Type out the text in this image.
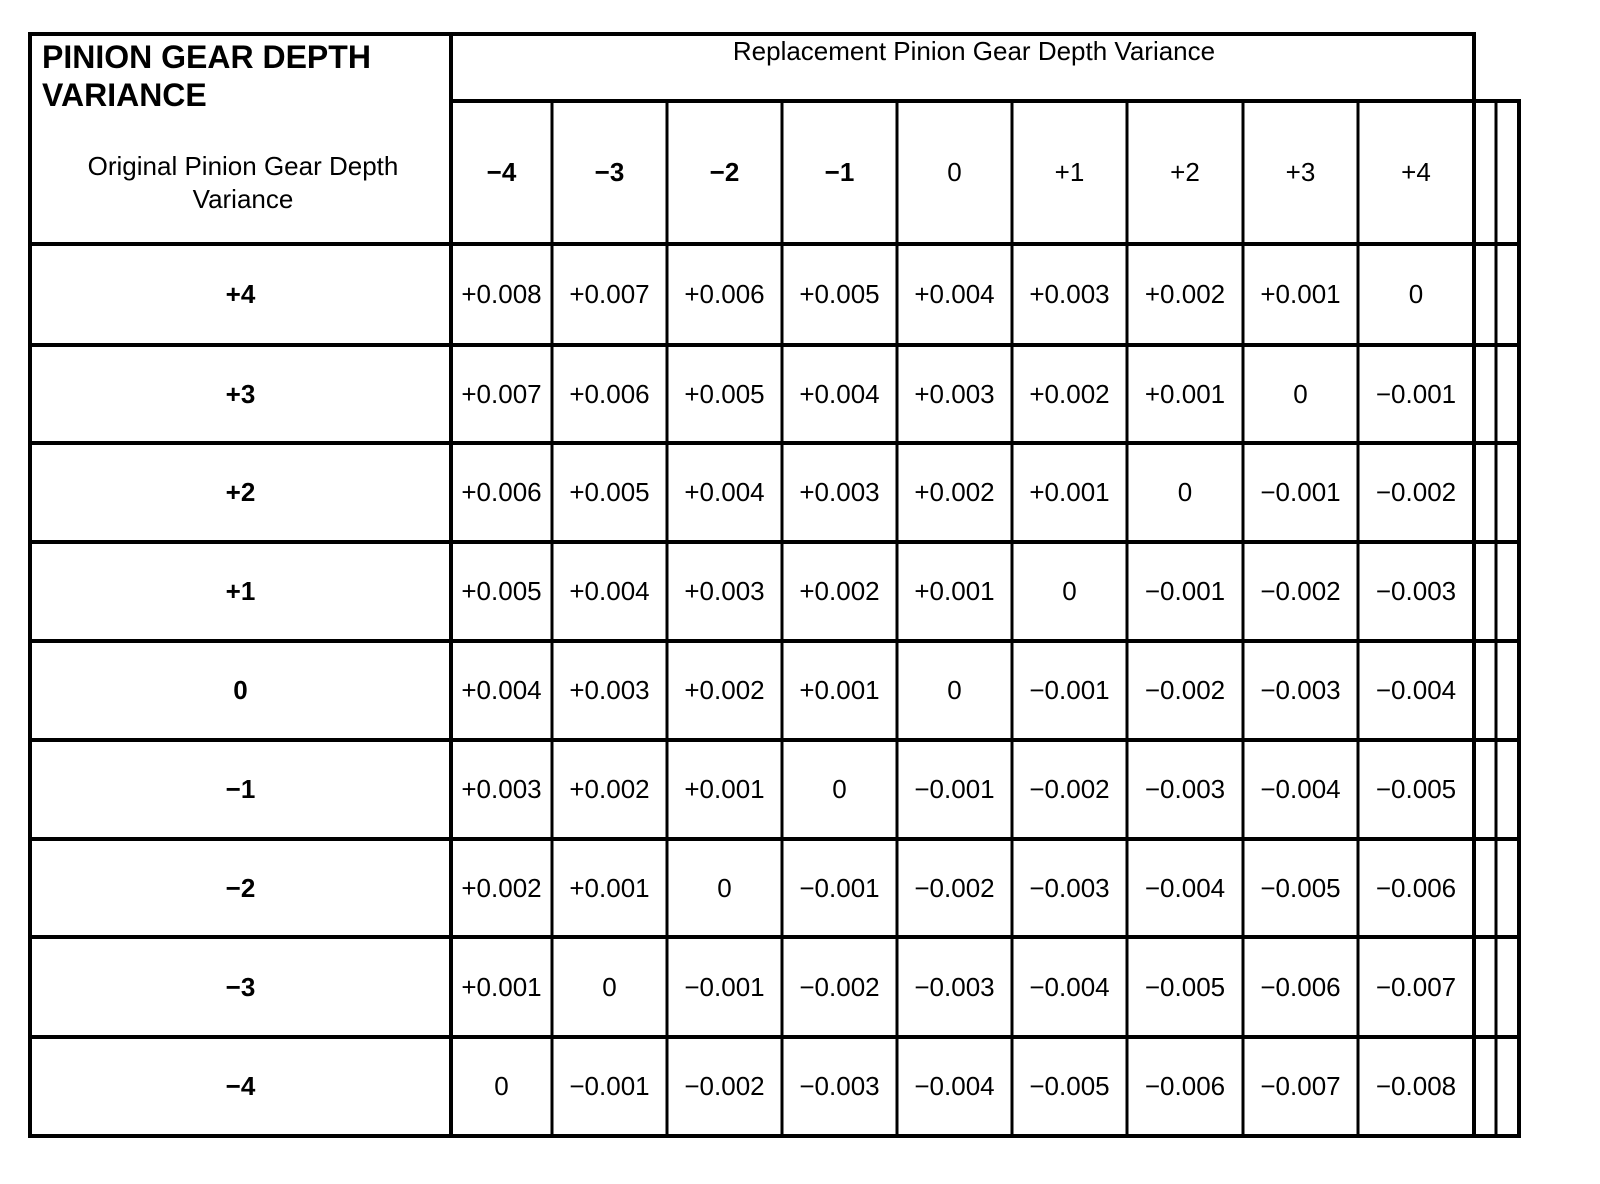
PINION GEAR DEPTH VARIANCE
Original Pinion Gear Depth Variance
Replacement Pinion Gear Depth Variance
−4	−3	−2	−1	0	+1	+2	+3	+4
+4	+0.008	+0.007	+0.006	+0.005	+0.004	+0.003	+0.002	+0.001	0
+3	+0.007	+0.006	+0.005	+0.004	+0.003	+0.002	+0.001	0	−0.001
+2	+0.006	+0.005	+0.004	+0.003	+0.002	+0.001	0	−0.001	−0.002
+1	+0.005	+0.004	+0.003	+0.002	+0.001	0	−0.001	−0.002	−0.003
0	+0.004	+0.003	+0.002	+0.001	0	−0.001	−0.002	−0.003	−0.004
−1	+0.003	+0.002	+0.001	0	−0.001	−0.002	−0.003	−0.004	−0.005
−2	+0.002	+0.001	0	−0.001	−0.002	−0.003	−0.004	−0.005	−0.006
−3	+0.001	0	−0.001	−0.002	−0.003	−0.004	−0.005	−0.006	−0.007
−4	0	−0.001	−0.002	−0.003	−0.004	−0.005	−0.006	−0.007	−0.008
